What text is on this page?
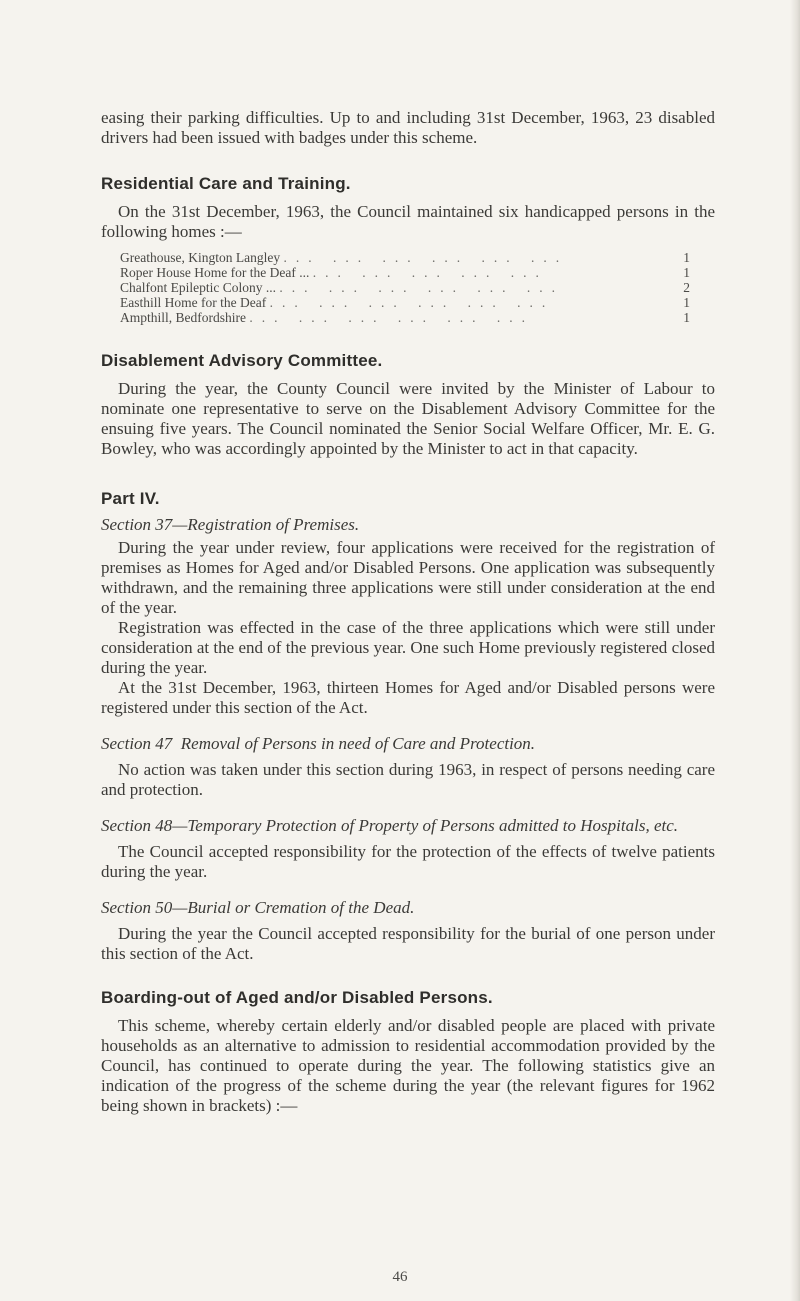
easing their parking difficulties. Up to and including 31st December, 1963, 23 disabled drivers had been issued with badges under this scheme.

Residential Care and Training.

On the 31st December, 1963, the Council maintained six handicapped persons in the following homes :—

Greathouse, Kington Langley ... ... ... ... ... ...	1
Roper House Home for the Deaf ... ... ... ... ... ...	1
Chalfont Epileptic Colony ... ... ... ... ... ... ...	2
Easthill Home for the Deaf ... ... ... ... ... ...	1
Ampthill, Bedfordshire ... ... ... ... ... ...	1
Disablement Advisory Committee.

During the year, the County Council were invited by the Minister of Labour to nominate one representative to serve on the Disablement Advisory Committee for the ensuing five years. The Council nominated the Senior Social Welfare Officer, Mr. E. G. Bowley, who was accordingly appointed by the Minister to act in that capacity.

Part IV.

Section 37—Registration of Premises.

During the year under review, four applications were received for the registration of premises as Homes for Aged and/or Disabled Persons. One application was subsequently withdrawn, and the remaining three applications were still under consideration at the end of the year.

Registration was effected in the case of the three applications which were still under consideration at the end of the previous year. One such Home previously registered closed during the year.

At the 31st December, 1963, thirteen Homes for Aged and/or Disabled persons were registered under this section of the Act.

Section 47 Removal of Persons in need of Care and Protection.

No action was taken under this section during 1963, in respect of persons needing care and protection.

Section 48—Temporary Protection of Property of Persons admitted to Hospitals, etc.

The Council accepted responsibility for the protection of the effects of twelve patients during the year.

Section 50—Burial or Cremation of the Dead.

During the year the Council accepted responsibility for the burial of one person under this section of the Act.

Boarding-out of Aged and/or Disabled Persons.

This scheme, whereby certain elderly and/or disabled people are placed with private households as an alternative to admission to residential accommodation provided by the Council, has continued to operate during the year. The following statistics give an indication of the progress of the scheme during the year (the relevant figures for 1962 being shown in brackets) :—

46
